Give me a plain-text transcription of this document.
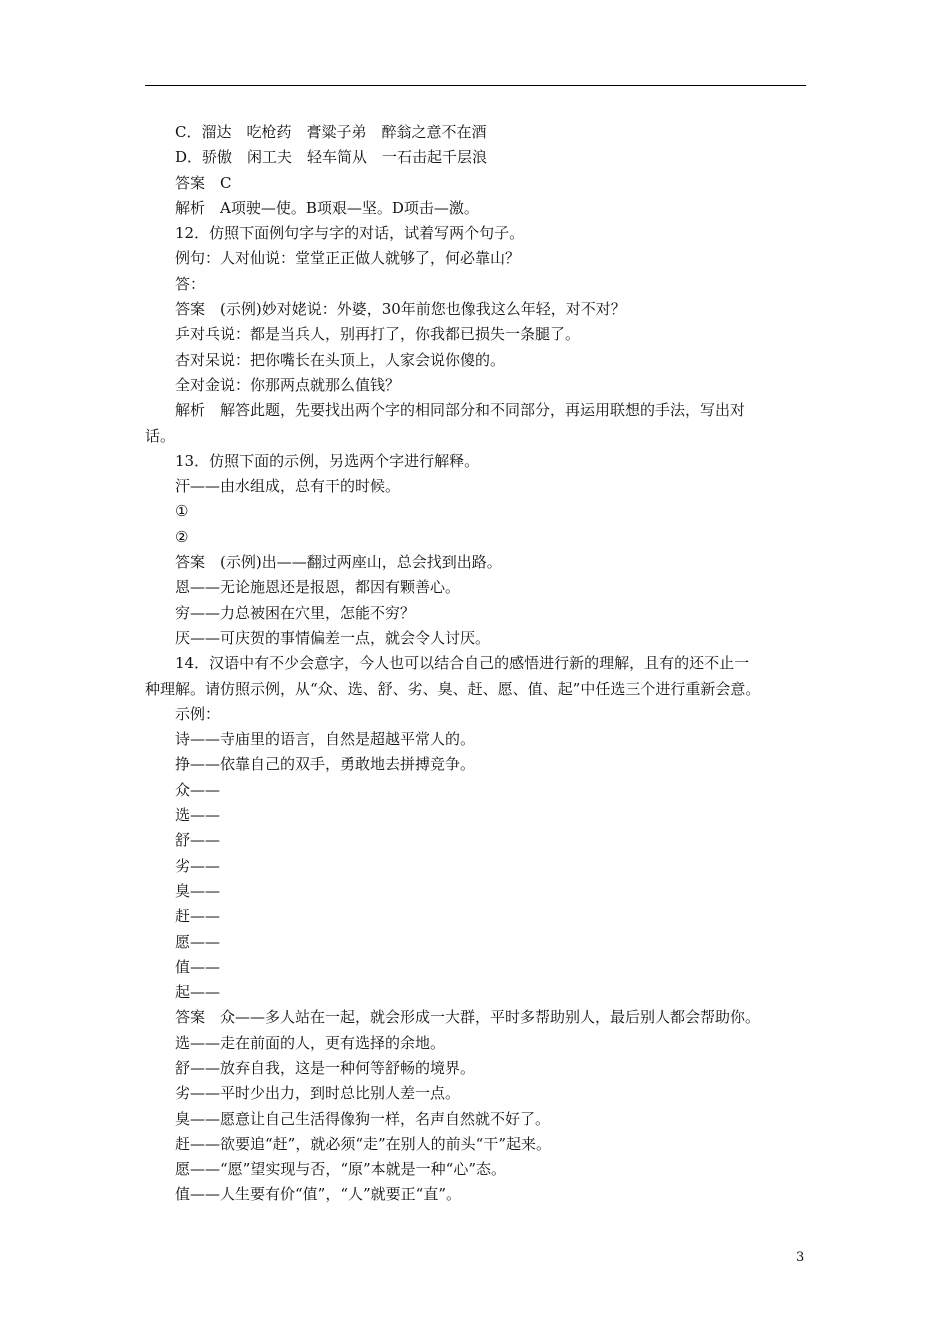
C．溜达　吃枪药　膏粱子弟　醉翁之意不在酒
D．骄傲　闲工夫　轻车简从　一石击起千层浪
答案　C
解析　A项驶—使。B项艰—坚。D项击—激。
12．仿照下面例句字与字的对话，试着写两个句子。
例句：人对仙说：堂堂正正做人就够了，何必靠山？
答：
答案　(示例)妙对姥说：外婆，30年前您也像我这么年轻，对不对？
乒对乓说：都是当兵人，别再打了，你我都已损失一条腿了。
杏对呆说：把你嘴长在头顶上，人家会说你傻的。
全对金说：你那两点就那么值钱？
解析　解答此题，先要找出两个字的相同部分和不同部分，再运用联想的手法，写出对
话。
13．仿照下面的示例，另选两个字进行解释。
汗——由水组成，总有干的时候。
①
②
答案　(示例)出——翻过两座山，总会找到出路。
恩——无论施恩还是报恩，都因有颗善心。
穷——力总被困在穴里，怎能不穷？
厌——可庆贺的事情偏差一点，就会令人讨厌。
14．汉语中有不少会意字，今人也可以结合自己的感悟进行新的理解，且有的还不止一
种理解。请仿照示例，从“众、选、舒、劣、臭、赶、愿、值、起”中任选三个进行重新会意。
示例：
诗——寺庙里的语言，自然是超越平常人的。
挣——依靠自己的双手，勇敢地去拼搏竞争。
众——
选——
舒——
劣——
臭——
赶——
愿——
值——
起——
答案　众——多人站在一起，就会形成一大群，平时多帮助别人，最后别人都会帮助你。
选——走在前面的人，更有选择的余地。
舒——放弃自我，这是一种何等舒畅的境界。
劣——平时少出力，到时总比别人差一点。
臭——愿意让自己生活得像狗一样，名声自然就不好了。
赶——欲要追“赶”，就必须“走”在别人的前头“干”起来。
愿——“愿”望实现与否，“原”本就是一种“心”态。
值——人生要有价“值”，“人”就要正“直”。
3
